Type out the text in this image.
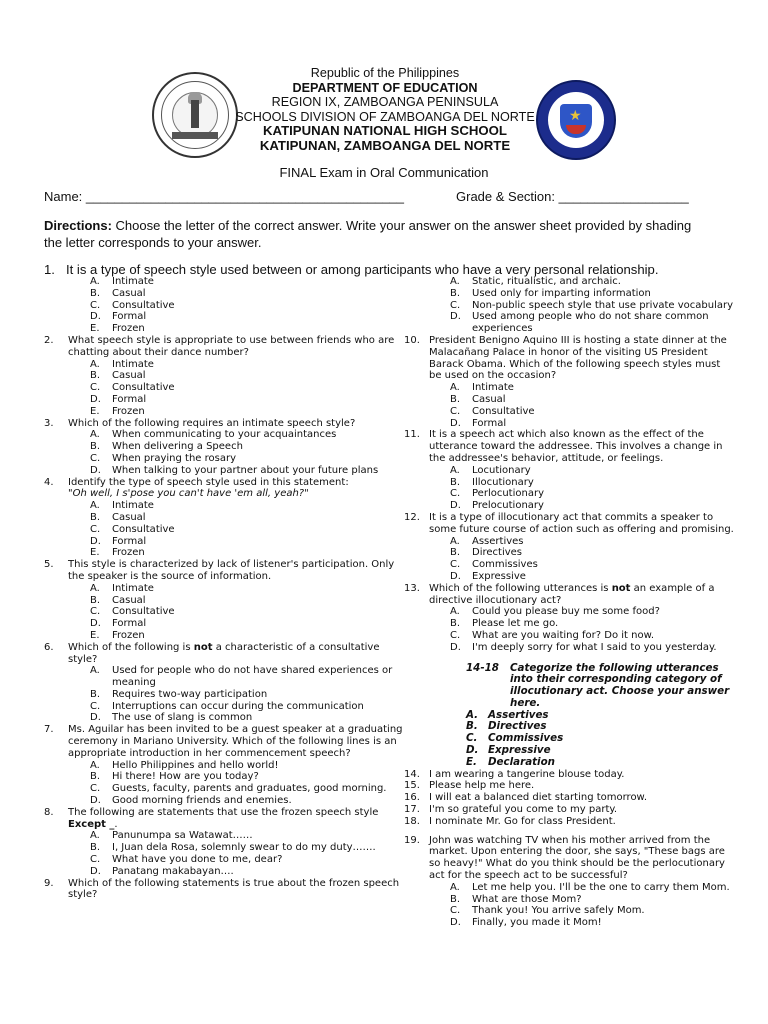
★
Republic of the Philippines
DEPARTMENT OF EDUCATION
REGION IX, ZAMBOANGA PENINSULA
SCHOOLS DIVISION OF ZAMBOANGA DEL NORTE
KATIPUNAN NATIONAL HIGH SCHOOL
KATIPUNAN, ZAMBOANGA DEL NORTE
FINAL Exam in Oral Communication
Name: ____________________________________________	Grade & Section: __________________
Directions: Choose the letter of the correct answer. Write your answer on the answer sheet provided by shading the letter corresponds to your answer.
1. It is a type of speech style used between or among participants who have a very personal relationship.
A. Intimate
B. Casual
C. Consultative
D. Formal
E. Frozen
2. What speech style is appropriate to use between friends who are chatting about their dance number?
A. Intimate
B. Casual
C. Consultative
D. Formal
E. Frozen
3. Which of the following requires an intimate speech style?
A. When communicating to your acquaintances
B. When delivering a Speech
C. When praying the rosary
D. When talking to your partner about your future plans
4. Identify the type of speech style used in this statement:
"Oh well, I s'pose you can't have 'em all, yeah?"
A. Intimate
B. Casual
C. Consultative
D. Formal
E. Frozen
5. This style is characterized by lack of listener's participation. Only the speaker is the source of information.
A. Intimate
B. Casual
C. Consultative
D. Formal
E. Frozen
6. Which of the following is not a characteristic of a consultative style?
A. Used for people who do not have shared experiences or meaning
B. Requires two-way participation
C. Interruptions can occur during the communication
D. The use of slang is common
7. Ms. Aguilar has been invited to be a guest speaker at a graduating ceremony in Mariano University. Which of the following lines is an appropriate introduction in her commencement speech?
A. Hello Philippines and hello world!
B. Hi there! How are you today?
C. Guests, faculty, parents and graduates, good morning.
D. Good morning friends and enemies.
8. The following are statements that use the frozen speech style Except _.
A. Panunumpa sa Watawat……
B. I, Juan dela Rosa, solemnly swear to do my duty…….
C. What have you done to me, dear?
D. Panatang makabayan….
9. Which of the following statements is true about the frozen speech style?
A. Static, ritualistic, and archaic.
B. Used only for imparting information
C. Non-public speech style that use private vocabulary
D. Used among people who do not share common experiences
10. President Benigno Aquino III is hosting a state dinner at the Malacañang Palace in honor of the visiting US President Barack Obama. Which of the following speech styles must be used on the occasion?
A. Intimate
B. Casual
C. Consultative
D. Formal
11. It is a speech act which also known as the effect of the utterance toward the addressee. This involves a change in the addressee's behavior, attitude, or feelings.
A. Locutionary
B. Illocutionary
C. Perlocutionary
D. Prelocutionary
12. It is a type of illocutionary act that commits a speaker to some future course of action such as offering and promising.
A. Assertives
B. Directives
C. Commissives
D. Expressive
13. Which of the following utterances is not an example of a directive illocutionary act?
A. Could you please buy me some food?
B. Please let me go.
C. What are you waiting for? Do it now.
D. I'm deeply sorry for what I said to you yesterday.
14-18 Categorize the following utterances into their corresponding category of illocutionary act. Choose your answer here.
A. Assertives
B. Directives
C. Commissives
D. Expressive
E. Declaration
14. I am wearing a tangerine blouse today.
15. Please help me here.
16. I will eat a balanced diet starting tomorrow.
17. I'm so grateful you come to my party.
18. I nominate Mr. Go for class President.
19. John was watching TV when his mother arrived from the market. Upon entering the door, she says, "These bags are so heavy!" What do you think should be the perlocutionary act for the speech act to be successful?
A. Let me help you. I'll be the one to carry them Mom.
B. What are those Mom?
C. Thank you! You arrive safely Mom.
D. Finally, you made it Mom!
